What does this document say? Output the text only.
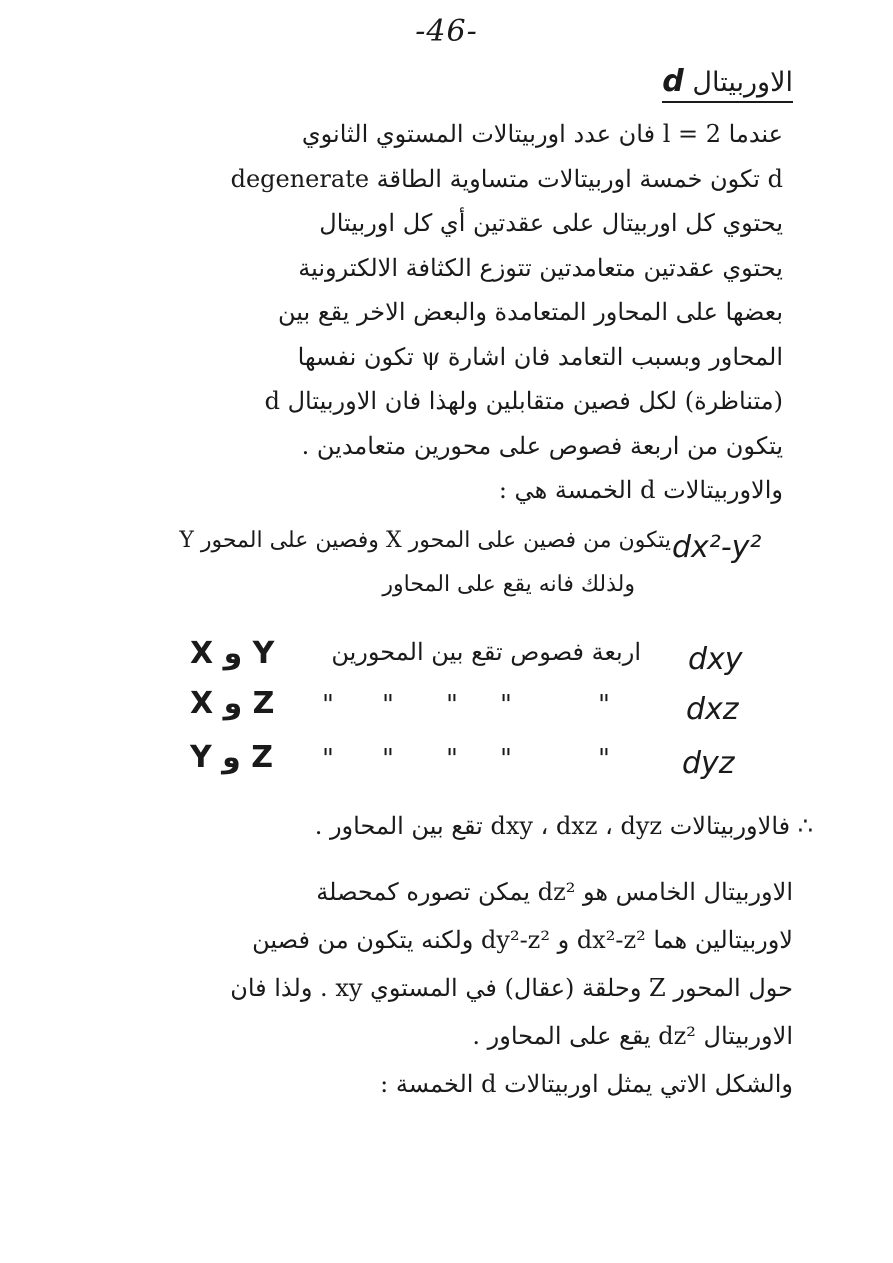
-46-
الاوربيتال d
عندما l = 2 فان عدد اوربيتالات المستوي الثانوي
d تكون خمسة اوربيتالات متساوية الطاقة degenerate
يحتوي كل اوربيتال على عقدتين أي كل اوربيتال
يحتوي عقدتين متعامدتين تتوزع الكثافة الالكترونية
بعضها على المحاور المتعامدة والبعض الاخر يقع بين
المحاور وبسبب التعامد فان اشارة ψ تكون نفسها
(متناظرة) لكل فصين متقابلين ولهذا فان الاوربيتال d
يتكون من اربعة فصوص على محورين متعامدين .
والاوربيتالات d الخمسة هي :
dx²-y²
يتكون من فصين على المحور X وفصين على المحور Y
ولذلك فانه يقع على المحاور
dxy
اربعة فصوص تقع بين المحورين
X و Y
dxz
" " " "	"
X و Z
dyz
" " " "	"
Y و Z
∴ فالاوربيتالات dxy ، dxz ، dyz تقع بين المحاور .
الاوربيتال الخامس هو dz² يمكن تصوره كمحصلة
لاوربيتالين هما dx²-z² و dy²-z² ولكنه يتكون من فصين
حول المحور Z وحلقة (عقال) في المستوي xy . ولذا فان
الاوربيتال dz² يقع على المحاور .
والشكل الاتي يمثل اوربيتالات d الخمسة :
